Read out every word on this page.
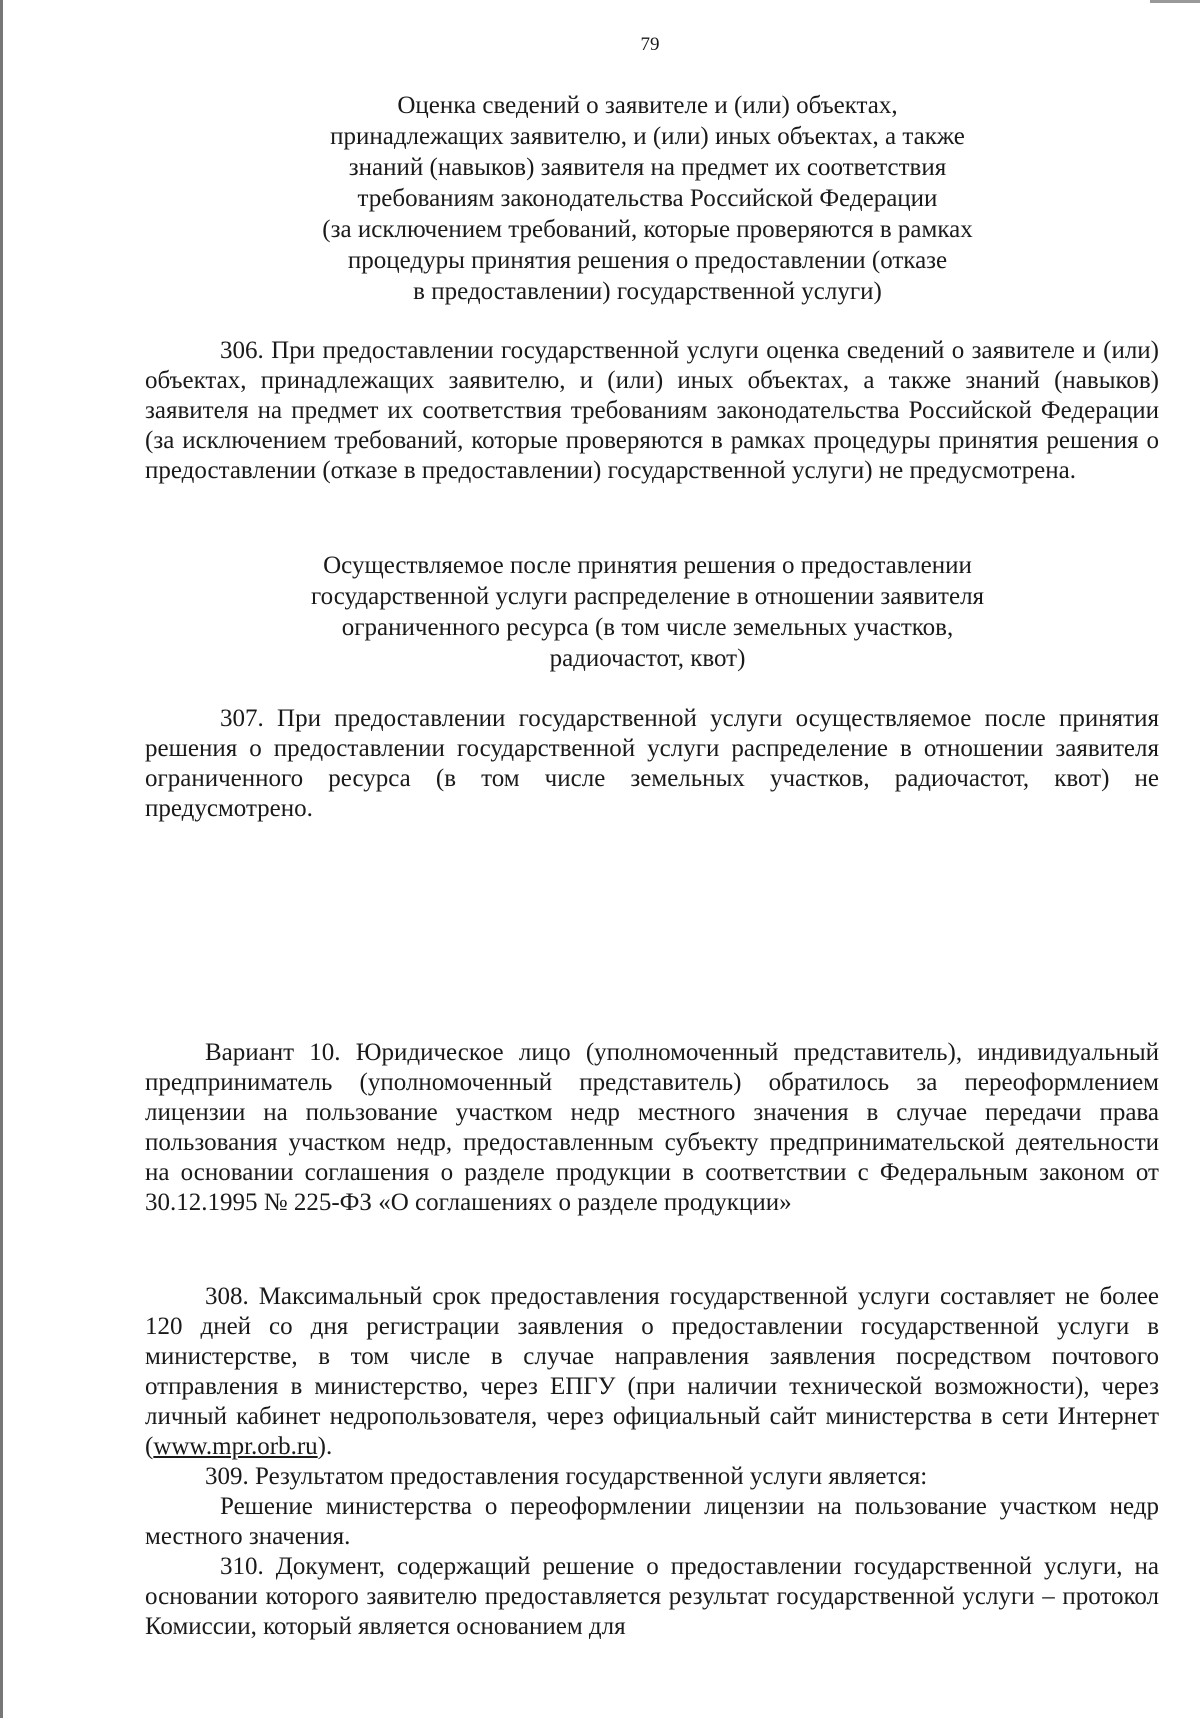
79
Оценка сведений о заявителе и (или) объектах,
принадлежащих заявителю, и (или) иных объектах, а также
знаний (навыков) заявителя на предмет их соответствия
требованиям законодательства Российской Федерации
(за исключением требований, которые проверяются в рамках
процедуры принятия решения о предоставлении (отказе
в предоставлении) государственной услуги)

306. При предоставлении государственной услуги оценка сведений о заявителе и (или) объектах, принадлежащих заявителю, и (или) иных объектах, а также знаний (навыков) заявителя на предмет их соответствия требованиям законодательства Российской Федерации (за исключением требований, которые проверяются в рамках процедуры принятия решения о предоставлении (отказе в предоставлении) государственной услуги) не предусмотрена.

Осуществляемое после принятия решения о предоставлении
государственной услуги распределение в отношении заявителя
ограниченного ресурса (в том числе земельных участков,
радиочастот, квот)

307. При предоставлении государственной услуги осуществляемое после принятия решения о предоставлении государственной услуги распределение в отношении заявителя ограниченного ресурса (в том числе земельных участков, радиочастот, квот) не предусмотрено.

Вариант 10. Юридическое лицо (уполномоченный представитель), индивидуальный предприниматель (уполномоченный представитель) обратилось за переоформлением лицензии на пользование участком недр местного значения в случае передачи права пользования участком недр, предоставленным субъекту предпринимательской деятельности на основании соглашения о разделе продукции в соответствии с Федеральным законом от 30.12.1995 № 225-ФЗ «О соглашениях о разделе продукции»

308. Максимальный срок предоставления государственной услуги составляет не более 120 дней со дня регистрации заявления о предоставлении государственной услуги в министерстве, в том числе в случае направления заявления посредством почтового отправления в министерство, через ЕПГУ (при наличии технической возможности), через личный кабинет недропользователя, через официальный сайт министерства в сети Интернет (www.mpr.orb.ru).

309. Результатом предоставления государственной услуги является:

Решение министерства о переоформлении лицензии на пользование участком недр местного значения.

310. Документ, содержащий решение о предоставлении государственной услуги, на основании которого заявителю предоставляется результат государственной услуги – протокол Комиссии, который является основанием для
